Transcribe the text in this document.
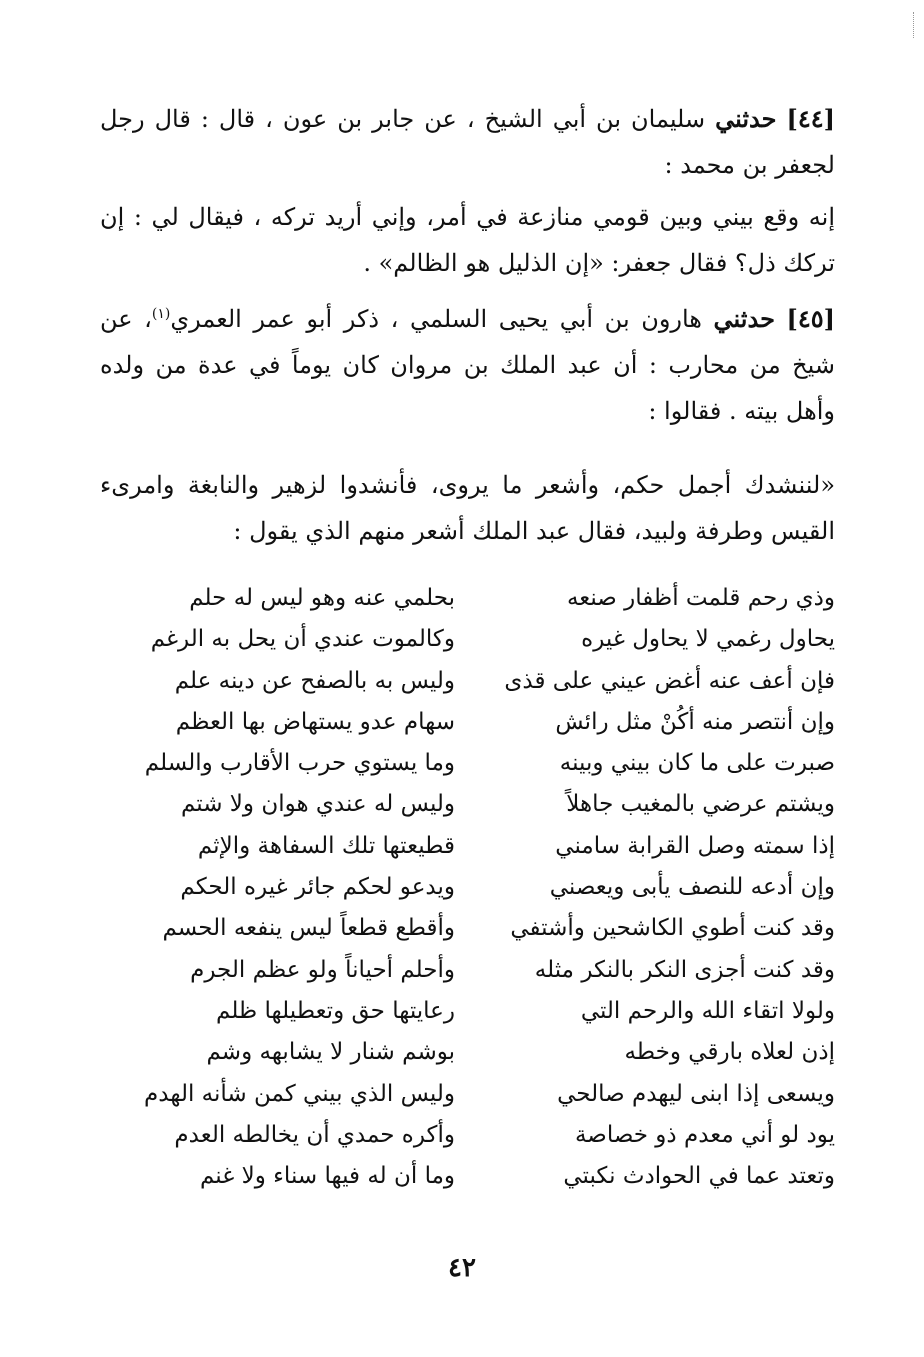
[٤٤] حدثني سليمان بن أبي الشيخ ، عن جابر بن عون ، قال : قال رجل لجعفر بن محمد :

إنه وقع بيني وبين قومي منازعة في أمر، وإني أريد تركه ، فيقال لي : إن تركك ذل؟ فقال جعفر: «إن الذليل هو الظالم» .

[٤٥] حدثني هارون بن أبي يحيى السلمي ، ذكر أبو عمر العمري$^{(١)}$، عن شيخ من محارب : أن عبد الملك بن مروان كان يوماً في عدة من ولده وأهل بيته . فقالوا :

«لننشدك أجمل حكم، وأشعر ما يروى، فأنشدوا لزهير والنابغة وامرىء القيس وطرفة ولبيد، فقال عبد الملك أشعر منهم الذي يقول :

وذي رحم قلمت أظفار صنعه
يحاول رغمي لا يحاول غيره
فإن أعف عنه أغض عيني على قذى
وإن أنتصر منه أكُنْ مثل رائش
صبرت على ما كان بيني وبينه
ويشتم عرضي بالمغيب جاهلاً
إذا سمته وصل القرابة سامني
وإن أدعه للنصف يأبى ويعصني
وقد كنت أطوي الكاشحين وأشتفي
وقد كنت أجزى النكر بالنكر مثله
ولولا اتقاء الله والرحم التي
إذن لعلاه بارقي وخطه
ويسعى إذا ابنى ليهدم صالحي
يود لو أني معدم ذو خصاصة
وتعتد عما في الحوادث نكبتي
بحلمي عنه وهو ليس له حلم
وكالموت عندي أن يحل به الرغم
وليس به بالصفح عن دينه علم
سهام عدو يستهاض بها العظم
وما يستوي حرب الأقارب والسلم
وليس له عندي هوان ولا شتم
قطيعتها تلك السفاهة والإثم
ويدعو لحكم جائر غيره الحكم
وأقطع قطعاً ليس ينفعه الحسم
وأحلم أحياناً ولو عظم الجرم
رعايتها حق وتعطيلها ظلم
بوشم شنار لا يشابهه وشم
وليس الذي بيني كمن شأنه الهدم
وأكره حمدي أن يخالطه العدم
وما أن له فيها سناء ولا غنم
٤٢
